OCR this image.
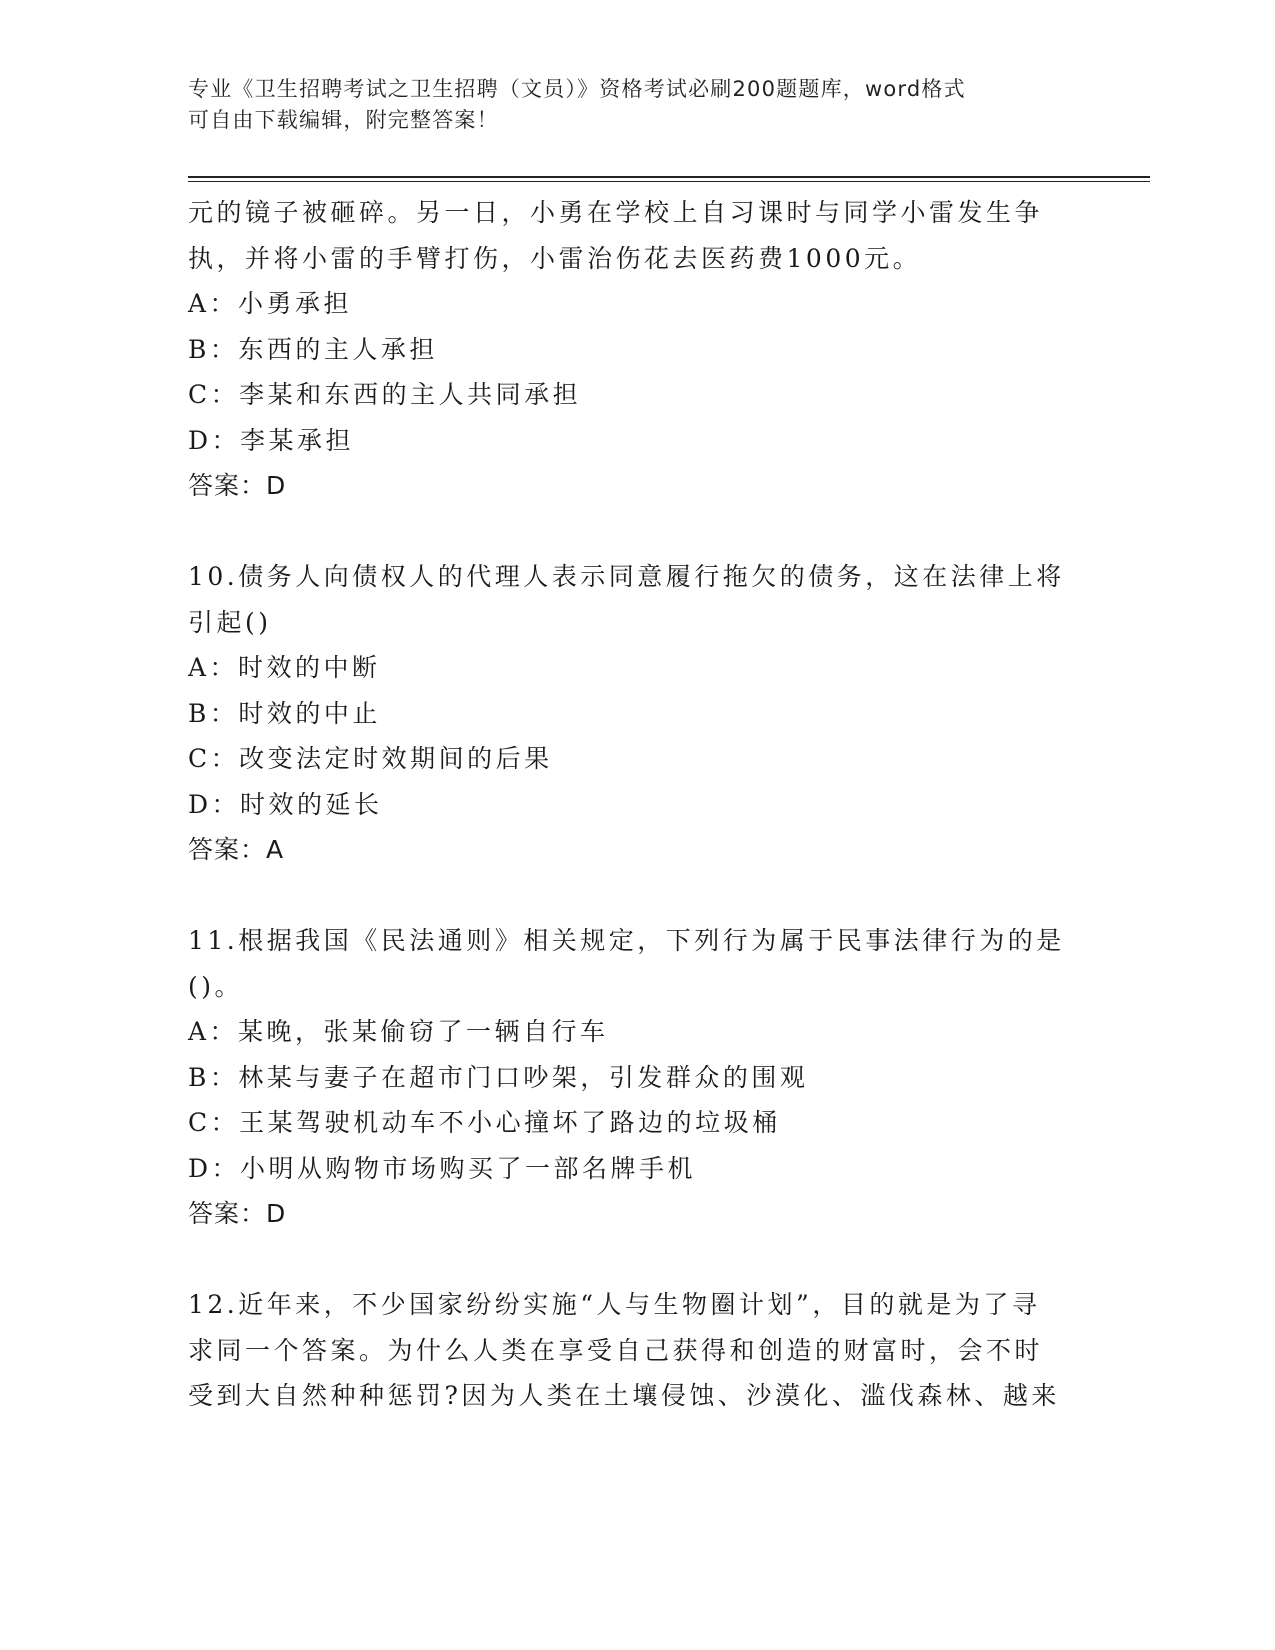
专业《卫生招聘考试之卫生招聘（文员）》资格考试必刷200题题库，word格式
可自由下载编辑，附完整答案！
元的镜子被砸碎。另一日，小勇在学校上自习课时与同学小雷发生争
执，并将小雷的手臂打伤，小雷治伤花去医药费1000元。
A：小勇承担
B：东西的主人承担
C：李某和东西的主人共同承担
D：李某承担
答案：D
10.债务人向债权人的代理人表示同意履行拖欠的债务，这在法律上将
引起()
A：时效的中断
B：时效的中止
C：改变法定时效期间的后果
D：时效的延长
答案：A
11.根据我国《民法通则》相关规定，下列行为属于民事法律行为的是
()。
A：某晚，张某偷窃了一辆自行车
B：林某与妻子在超市门口吵架，引发群众的围观
C：王某驾驶机动车不小心撞坏了路边的垃圾桶
D：小明从购物市场购买了一部名牌手机
答案：D
12.近年来，不少国家纷纷实施“人与生物圈计划”，目的就是为了寻
求同一个答案。为什么人类在享受自己获得和创造的财富时，会不时
受到大自然种种惩罚?因为人类在土壤侵蚀、沙漠化、滥伐森林、越来
